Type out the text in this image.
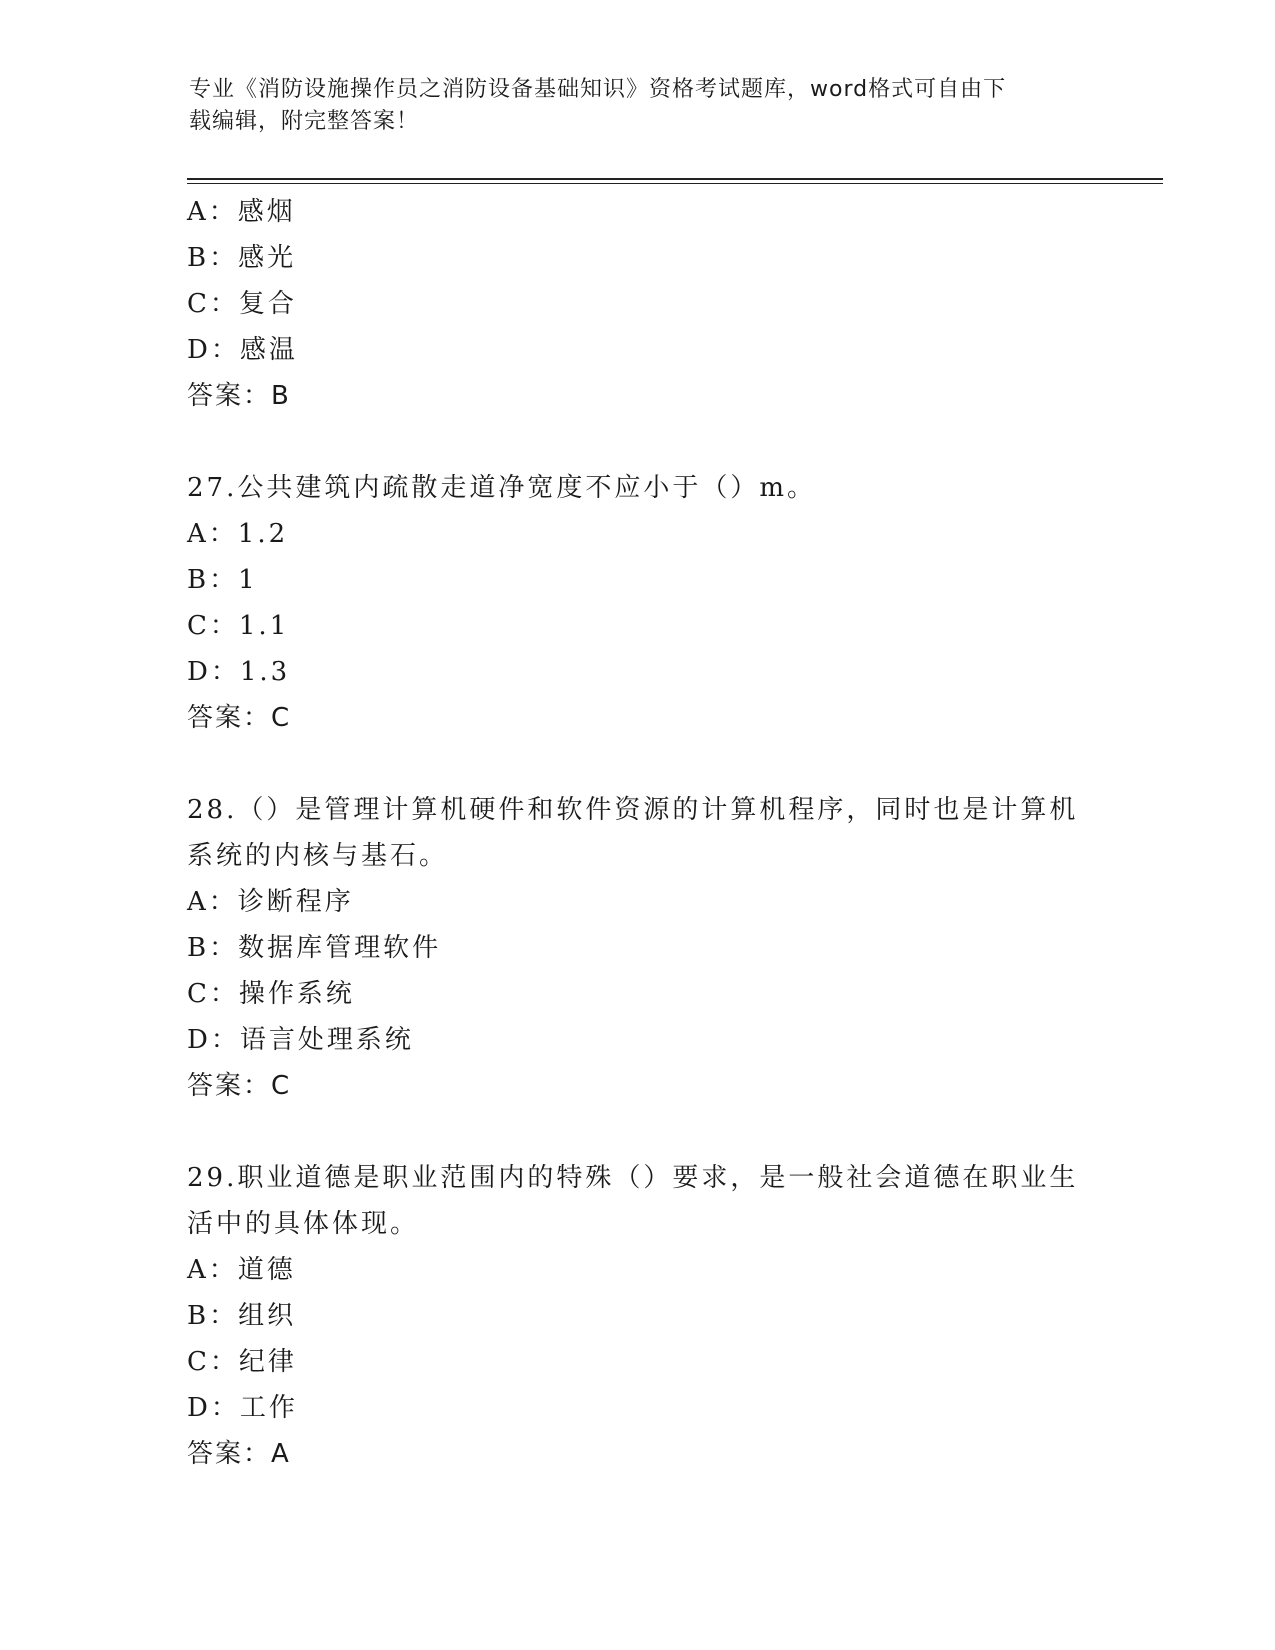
专业《消防设施操作员之消防设备基础知识》资格考试题库，word格式可自由下
载编辑，附完整答案！
A：感烟
B：感光
C：复合
D：感温
答案：B
27.公共建筑内疏散走道净宽度不应小于（）m。
A：1.2
B：1
C：1.1
D：1.3
答案：C
28.（）是管理计算机硬件和软件资源的计算机程序，同时也是计算机
系统的内核与基石。
A：诊断程序
B：数据库管理软件
C：操作系统
D：语言处理系统
答案：C
29.职业道德是职业范围内的特殊（）要求，是一般社会道德在职业生
活中的具体体现。
A：道德
B：组织
C：纪律
D：工作
答案：A
